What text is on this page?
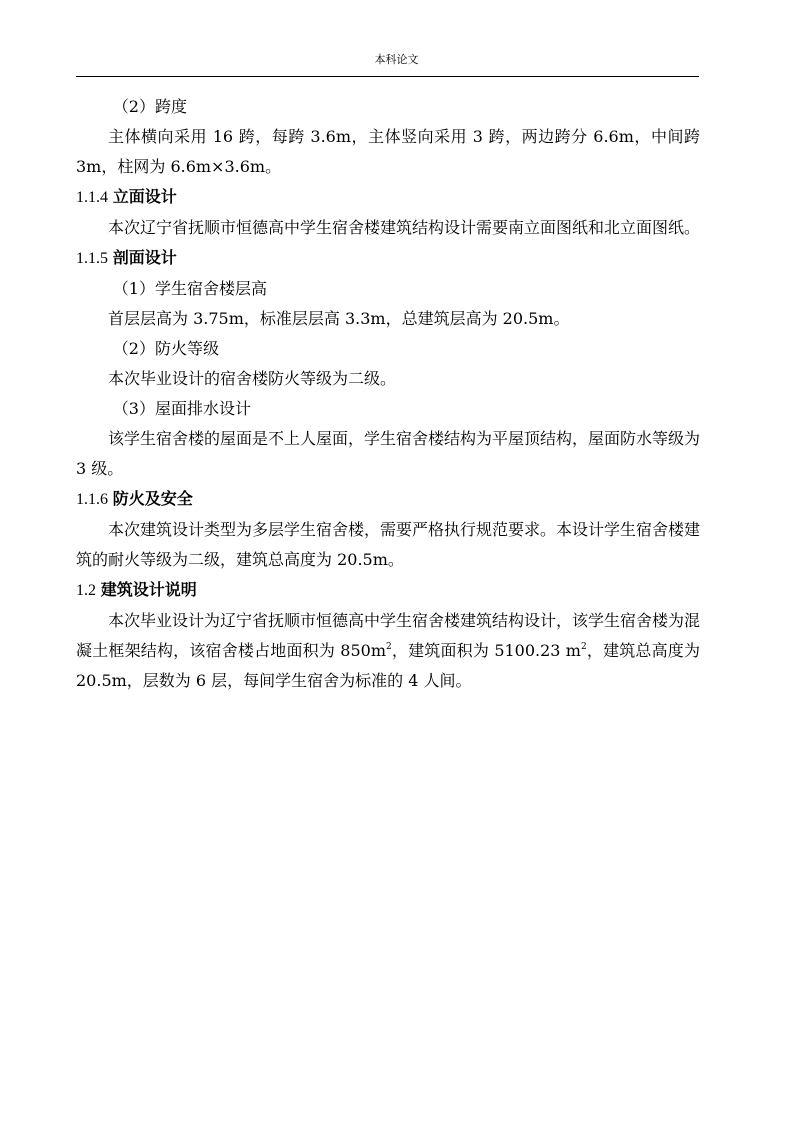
本科论文

（2）跨度

主体横向采用 16 跨，每跨 3.6m，主体竖向采用 3 跨，两边跨分 6.6m，中间跨 3m，柱网为 6.6m×3.6m。

1.1.4 立面设计

本次辽宁省抚顺市恒德高中学生宿舍楼建筑结构设计需要南立面图纸和北立面图纸。

1.1.5 剖面设计

（1）学生宿舍楼层高

首层层高为 3.75m，标准层层高 3.3m，总建筑层高为 20.5m。

（2）防火等级

本次毕业设计的宿舍楼防火等级为二级。

（3）屋面排水设计

该学生宿舍楼的屋面是不上人屋面，学生宿舍楼结构为平屋顶结构，屋面防水等级为 3 级。

1.1.6 防火及安全

本次建筑设计类型为多层学生宿舍楼，需要严格执行规范要求。本设计学生宿舍楼建筑的耐火等级为二级，建筑总高度为 20.5m。

1.2 建筑设计说明

本次毕业设计为辽宁省抚顺市恒德高中学生宿舍楼建筑结构设计，该学生宿舍楼为混凝土框架结构，该宿舍楼占地面积为 $850m^2$，建筑面积为 5100.23 $m^2$，建筑总高度为 20.5m，层数为 6 层，每间学生宿舍为标准的 4 人间。
